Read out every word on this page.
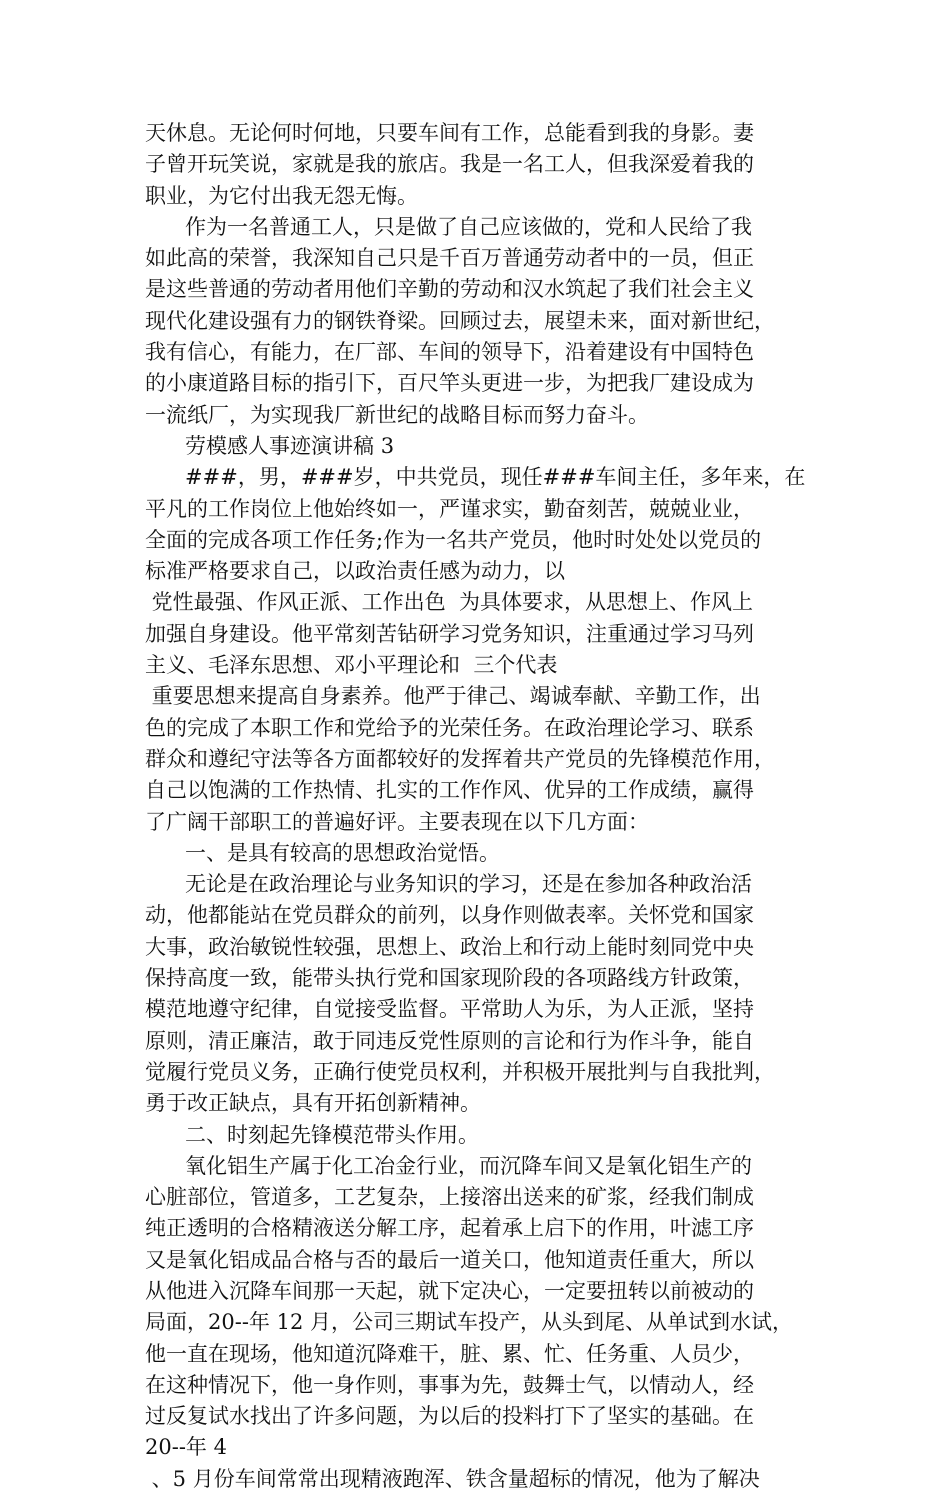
天休息。无论何时何地，只要车间有工作，总能看到我的身影。妻
子曾开玩笑说，家就是我的旅店。我是一名工人，但我深爱着我的
职业，为它付出我无怨无悔。
作为一名普通工人，只是做了自己应该做的，党和人民给了我
如此高的荣誉，我深知自己只是千百万普通劳动者中的一员，但正
是这些普通的劳动者用他们辛勤的劳动和汉水筑起了我们社会主义
现代化建设强有力的钢铁脊梁。回顾过去，展望未来，面对新世纪，
我有信心，有能力，在厂部、车间的领导下，沿着建设有中国特色
的小康道路目标的指引下，百尺竿头更进一步，为把我厂建设成为
一流纸厂，为实现我厂新世纪的战略目标而努力奋斗。
劳模感人事迹演讲稿 3
###，男，###岁，中共党员，现任###车间主任，多年来，在
平凡的工作岗位上他始终如一，严谨求实，勤奋刻苦，兢兢业业，
全面的完成各项工作任务;作为一名共产党员，他时时处处以党员的
标准严格要求自己，以政治责任感为动力，以
党性最强、作风正派、工作出色  为具体要求，从思想上、作风上
加强自身建设。他平常刻苦钻研学习党务知识，注重通过学习马列
主义、毛泽东思想、邓小平理论和  三个代表
重要思想来提高自身素养。他严于律己、竭诚奉献、辛勤工作，出
色的完成了本职工作和党给予的光荣任务。在政治理论学习、联系
群众和遵纪守法等各方面都较好的发挥着共产党员的先锋模范作用，
自己以饱满的工作热情、扎实的工作作风、优异的工作成绩，赢得
了广阔干部职工的普遍好评。主要表现在以下几方面：
一、是具有较高的思想政治觉悟。
无论是在政治理论与业务知识的学习，还是在参加各种政治活
动，他都能站在党员群众的前列，以身作则做表率。关怀党和国家
大事，政治敏锐性较强，思想上、政治上和行动上能时刻同党中央
保持高度一致，能带头执行党和国家现阶段的各项路线方针政策，
模范地遵守纪律，自觉接受监督。平常助人为乐，为人正派，坚持
原则，清正廉洁，敢于同违反党性原则的言论和行为作斗争，能自
觉履行党员义务，正确行使党员权利，并积极开展批判与自我批判，
勇于改正缺点，具有开拓创新精神。
二、时刻起先锋模范带头作用。
氧化铝生产属于化工冶金行业，而沉降车间又是氧化铝生产的
心脏部位，管道多，工艺复杂，上接溶出送来的矿浆，经我们制成
纯正透明的合格精液送分解工序，起着承上启下的作用，叶滤工序
又是氧化铝成品合格与否的最后一道关口，他知道责任重大，所以
从他进入沉降车间那一天起，就下定决心，一定要扭转以前被动的
局面，20--年 12 月，公司三期试车投产，从头到尾、从单试到水试，
他一直在现场，他知道沉降难干，脏、累、忙、任务重、人员少，
在这种情况下，他一身作则，事事为先，鼓舞士气，以情动人，经
过反复试水找出了许多问题，为以后的投料打下了坚实的基础。在
20--年 4
、5 月份车间常常出现精液跑浑、铁含量超标的情况，他为了解决
